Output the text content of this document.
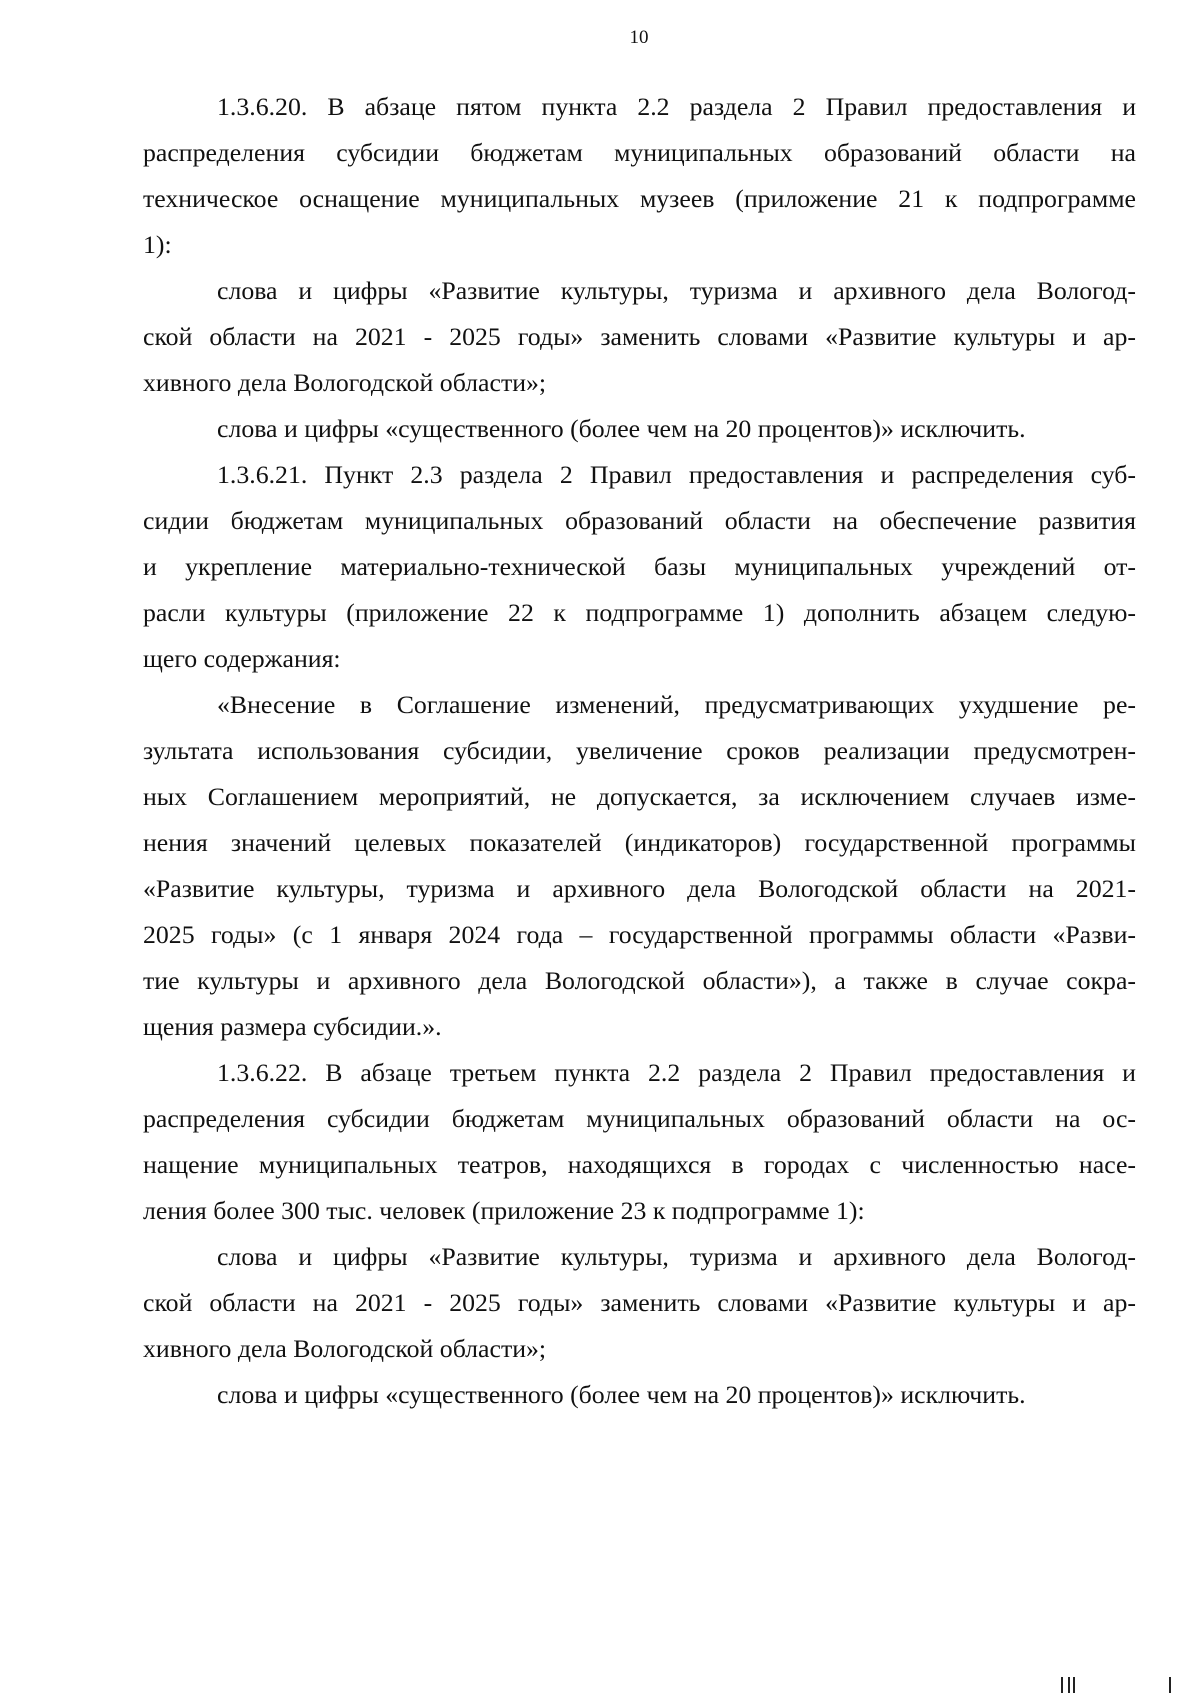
10
1.3.6.20. В абзаце пятом пункта 2.2 раздела 2 Правил предоставления и
распределения субсидии бюджетам муниципальных образований области на
техническое оснащение муниципальных музеев (приложение 21 к подпрограмме
1):
слова и цифры «Развитие культуры, туризма и архивного дела Вологод-
ской области на 2021 - 2025 годы» заменить словами «Развитие культуры и ар-
хивного дела Вологодской области»;
слова и цифры «существенного (более чем на 20 процентов)» исключить.
1.3.6.21. Пункт 2.3 раздела 2 Правил предоставления и распределения суб-
сидии бюджетам муниципальных образований области на обеспечение развития
и укрепление материально-технической базы муниципальных учреждений от-
расли культуры (приложение 22 к подпрограмме 1) дополнить абзацем следую-
щего содержания:
«Внесение в Соглашение изменений, предусматривающих ухудшение ре-
зультата использования субсидии, увеличение сроков реализации предусмотрен-
ных Соглашением мероприятий, не допускается, за исключением случаев изме-
нения значений целевых показателей (индикаторов) государственной программы
«Развитие культуры, туризма и архивного дела Вологодской области на 2021-
2025 годы» (с 1 января 2024 года – государственной программы области «Разви-
тие культуры и архивного дела Вологодской области»), а также в случае сокра-
щения размера субсидии.».
1.3.6.22. В абзаце третьем пункта 2.2 раздела 2 Правил предоставления и
распределения субсидии бюджетам муниципальных образований области на ос-
нащение муниципальных театров, находящихся в городах с численностью насе-
ления более 300 тыс. человек (приложение 23 к подпрограмме 1):
слова и цифры «Развитие культуры, туризма и архивного дела Вологод-
ской области на 2021 - 2025 годы» заменить словами «Развитие культуры и ар-
хивного дела Вологодской области»;
слова и цифры «существенного (более чем на 20 процентов)» исключить.
